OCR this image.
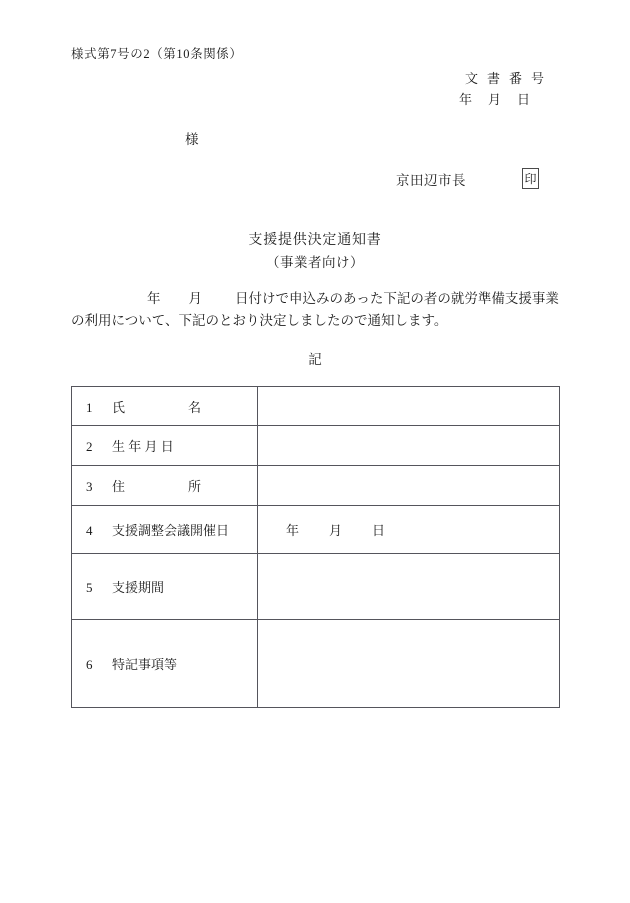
様式第7号の2（第10条関係）
文書番号
年月日
様
京田辺市長	印
支援提供決定通知書
（事業者向け）
年 月 日付けで申込みのあった下記の者の就労準備支援事業
の利用について、下記のとおり決定しましたので通知します。
記
1 氏　　　名	
2 生 年 月 日	
3 住　　　所	
4 支援調整会議開催日	年 月 日
5 支援期間	
6 特記事項等	
